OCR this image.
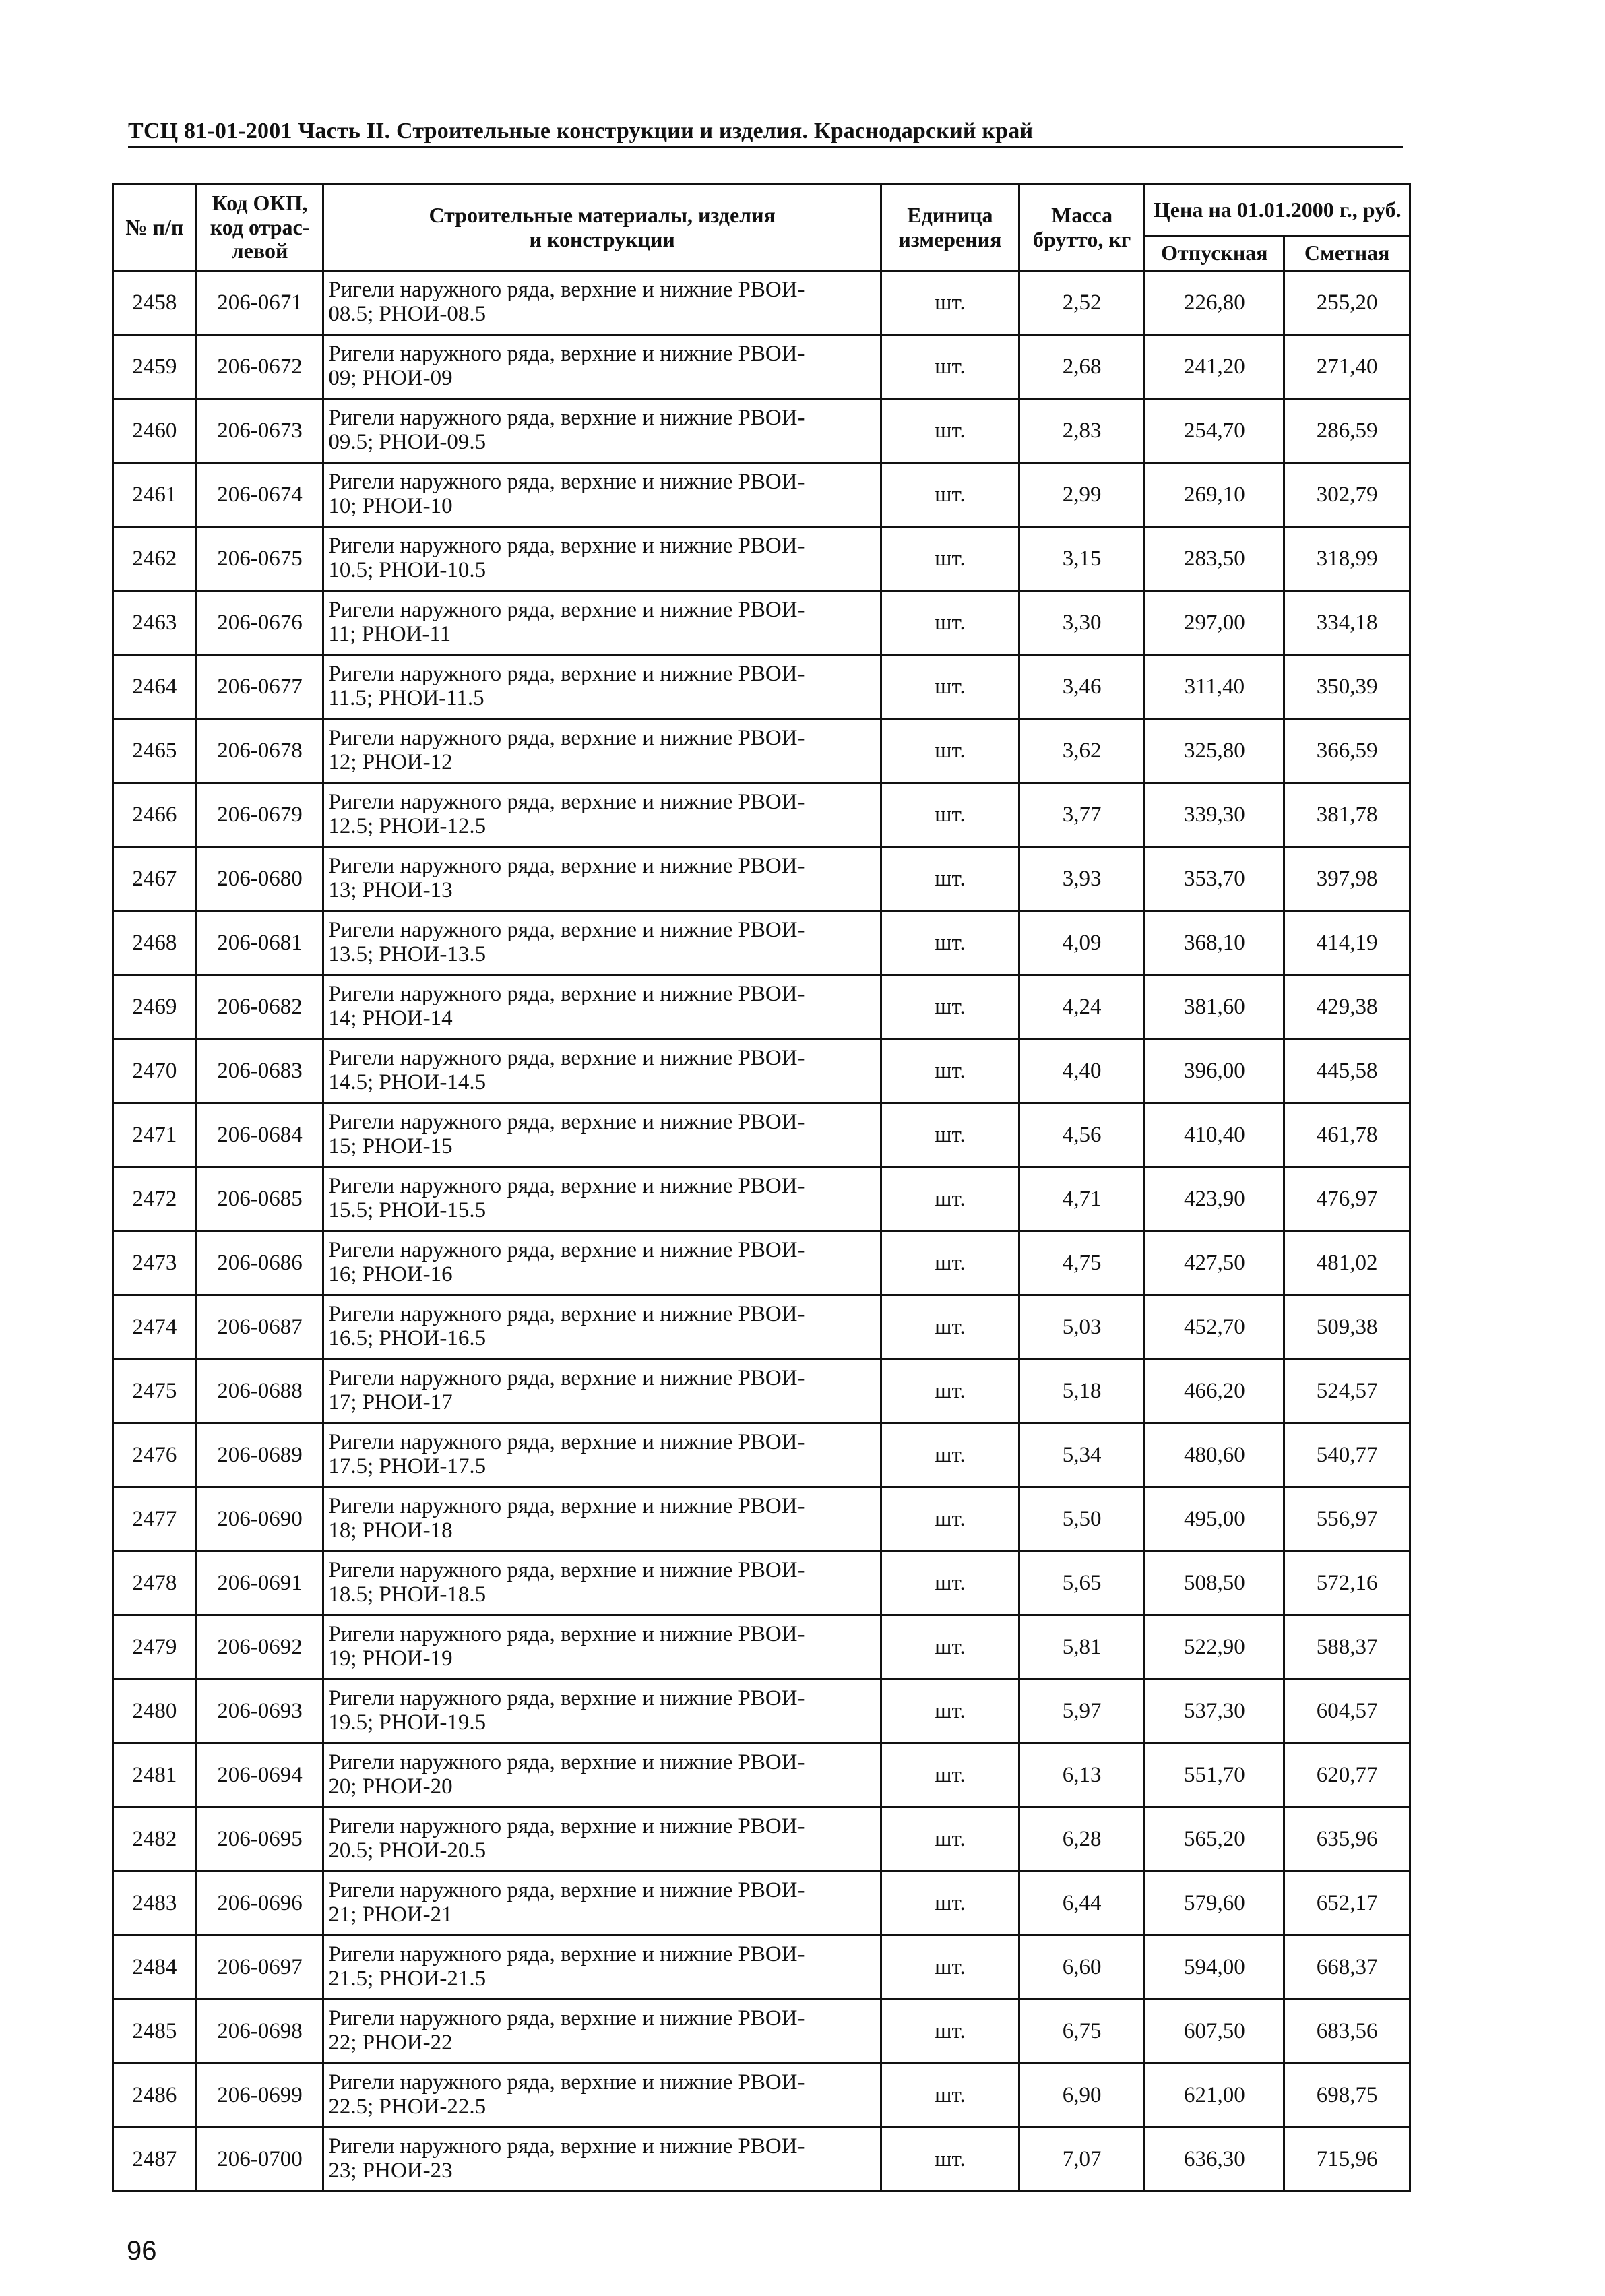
ТСЦ 81-01-2001 Часть II. Строительные конструкции и изделия. Краснодарский край
№ п/п	Код ОКП, код отрас-левой	Строительные материалы, изделия
и конструкции	Единица измерения	Масса брутто, кг	Цена на 01.01.2000 г., руб.	
					Отпускная	Сметная
2458	206-0671	Ригели наружного ряда, верхние и нижние РВОИ-
08.5; РНОИ-08.5	шт.	2,52	226,80	255,20
2459	206-0672	Ригели наружного ряда, верхние и нижние РВОИ-
09; РНОИ-09	шт.	2,68	241,20	271,40
2460	206-0673	Ригели наружного ряда, верхние и нижние РВОИ-
09.5; РНОИ-09.5	шт.	2,83	254,70	286,59
2461	206-0674	Ригели наружного ряда, верхние и нижние РВОИ-
10; РНОИ-10	шт.	2,99	269,10	302,79
2462	206-0675	Ригели наружного ряда, верхние и нижние РВОИ-
10.5; РНОИ-10.5	шт.	3,15	283,50	318,99
2463	206-0676	Ригели наружного ряда, верхние и нижние РВОИ-
11; РНОИ-11	шт.	3,30	297,00	334,18
2464	206-0677	Ригели наружного ряда, верхние и нижние РВОИ-
11.5; РНОИ-11.5	шт.	3,46	311,40	350,39
2465	206-0678	Ригели наружного ряда, верхние и нижние РВОИ-
12; РНОИ-12	шт.	3,62	325,80	366,59
2466	206-0679	Ригели наружного ряда, верхние и нижние РВОИ-
12.5; РНОИ-12.5	шт.	3,77	339,30	381,78
2467	206-0680	Ригели наружного ряда, верхние и нижние РВОИ-
13; РНОИ-13	шт.	3,93	353,70	397,98
2468	206-0681	Ригели наружного ряда, верхние и нижние РВОИ-
13.5; РНОИ-13.5	шт.	4,09	368,10	414,19
2469	206-0682	Ригели наружного ряда, верхние и нижние РВОИ-
14; РНОИ-14	шт.	4,24	381,60	429,38
2470	206-0683	Ригели наружного ряда, верхние и нижние РВОИ-
14.5; РНОИ-14.5	шт.	4,40	396,00	445,58
2471	206-0684	Ригели наружного ряда, верхние и нижние РВОИ-
15; РНОИ-15	шт.	4,56	410,40	461,78
2472	206-0685	Ригели наружного ряда, верхние и нижние РВОИ-
15.5; РНОИ-15.5	шт.	4,71	423,90	476,97
2473	206-0686	Ригели наружного ряда, верхние и нижние РВОИ-
16; РНОИ-16	шт.	4,75	427,50	481,02
2474	206-0687	Ригели наружного ряда, верхние и нижние РВОИ-
16.5; РНОИ-16.5	шт.	5,03	452,70	509,38
2475	206-0688	Ригели наружного ряда, верхние и нижние РВОИ-
17; РНОИ-17	шт.	5,18	466,20	524,57
2476	206-0689	Ригели наружного ряда, верхние и нижние РВОИ-
17.5; РНОИ-17.5	шт.	5,34	480,60	540,77
2477	206-0690	Ригели наружного ряда, верхние и нижние РВОИ-
18; РНОИ-18	шт.	5,50	495,00	556,97
2478	206-0691	Ригели наружного ряда, верхние и нижние РВОИ-
18.5; РНОИ-18.5	шт.	5,65	508,50	572,16
2479	206-0692	Ригели наружного ряда, верхние и нижние РВОИ-
19; РНОИ-19	шт.	5,81	522,90	588,37
2480	206-0693	Ригели наружного ряда, верхние и нижние РВОИ-
19.5; РНОИ-19.5	шт.	5,97	537,30	604,57
2481	206-0694	Ригели наружного ряда, верхние и нижние РВОИ-
20; РНОИ-20	шт.	6,13	551,70	620,77
2482	206-0695	Ригели наружного ряда, верхние и нижние РВОИ-
20.5; РНОИ-20.5	шт.	6,28	565,20	635,96
2483	206-0696	Ригели наружного ряда, верхние и нижние РВОИ-
21; РНОИ-21	шт.	6,44	579,60	652,17
2484	206-0697	Ригели наружного ряда, верхние и нижние РВОИ-
21.5; РНОИ-21.5	шт.	6,60	594,00	668,37
2485	206-0698	Ригели наружного ряда, верхние и нижние РВОИ-
22; РНОИ-22	шт.	6,75	607,50	683,56
2486	206-0699	Ригели наружного ряда, верхние и нижние РВОИ-
22.5; РНОИ-22.5	шт.	6,90	621,00	698,75
2487	206-0700	Ригели наружного ряда, верхние и нижние РВОИ-
23; РНОИ-23	шт.	7,07	636,30	715,96
96
